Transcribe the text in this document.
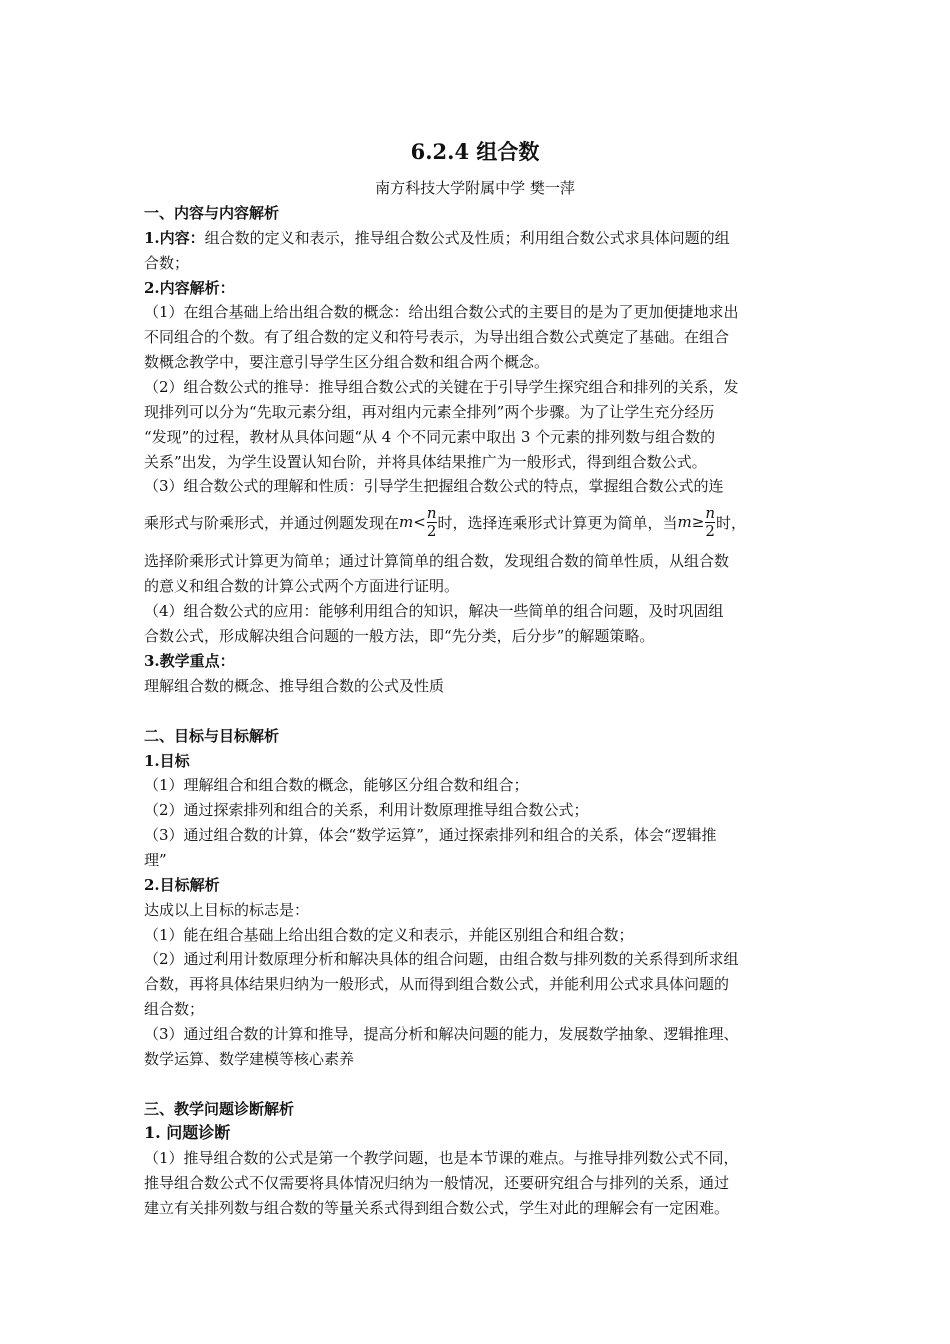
6.2.4 组合数
南方科技大学附属中学 樊一萍
一、内容与内容解析
1.内容：组合数的定义和表示，推导组合数公式及性质；利用组合数公式求具体问题的组
合数；
2.内容解析：
（1）在组合基础上给出组合数的概念：给出组合数公式的主要目的是为了更加便捷地求出
不同组合的个数。有了组合数的定义和符号表示，为导出组合数公式奠定了基础。在组合
数概念教学中，要注意引导学生区分组合数和组合两个概念。
（2）组合数公式的推导：推导组合数公式的关键在于引导学生探究组合和排列的关系，发
现排列可以分为“先取元素分组，再对组内元素全排列”两个步骤。为了让学生充分经历
“发现”的过程，教材从具体问题“从 4 个不同元素中取出 3 个元素的排列数与组合数的
关系”出发，为学生设置认知台阶，并将具体结果推广为一般形式，得到组合数公式。
（3）组合数公式的理解和性质：引导学生把握组合数公式的特点，掌握组合数公式的连
乘形式与阶乘形式，并通过例题发现在 $m < \frac{n}{2}$ 时，选择连乘形式计算更为简单，当 $m \ge \frac{n}{2}$ 时，
选择阶乘形式计算更为简单；通过计算简单的组合数，发现组合数的简单性质，从组合数
的意义和组合数的计算公式两个方面进行证明。
（4）组合数公式的应用：能够利用组合的知识，解决一些简单的组合问题，及时巩固组
合数公式，形成解决组合问题的一般方法，即“先分类，后分步”的解题策略。
3.教学重点：
理解组合数的概念、推导组合数的公式及性质
二、目标与目标解析
1.目标
（1）理解组合和组合数的概念，能够区分组合数和组合；
（2）通过探索排列和组合的关系，利用计数原理推导组合数公式；
（3）通过组合数的计算，体会“数学运算”，通过探索排列和组合的关系，体会“逻辑推
理”
2.目标解析
达成以上目标的标志是：
（1）能在组合基础上给出组合数的定义和表示，并能区别组合和组合数；
（2）通过利用计数原理分析和解决具体的组合问题，由组合数与排列数的关系得到所求组
合数，再将具体结果归纳为一般形式，从而得到组合数公式，并能利用公式求具体问题的
组合数；
（3）通过组合数的计算和推导，提高分析和解决问题的能力，发展数学抽象、逻辑推理、
数学运算、数学建模等核心素养
三、教学问题诊断解析
1. 问题诊断
（1）推导组合数的公式是第一个教学问题，也是本节课的难点。与推导排列数公式不同，
推导组合数公式不仅需要将具体情况归纳为一般情况，还要研究组合与排列的关系，通过
建立有关排列数与组合数的等量关系式得到组合数公式，学生对此的理解会有一定困难。
